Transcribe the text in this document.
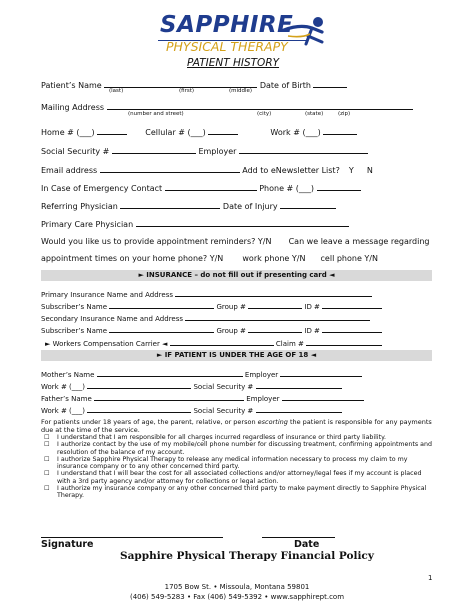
SAPPHIRE
PHYSICAL THERAPY
PATIENT HISTORY
Patient’s Name	Date of Birth
(last)	(first)	(middle)
Mailing Address
(number and street)	(city)	(state)	(zip)
Home # (___)	Cellular # (___)	Work # (___)
Social Security #	Employer
Email address	Add to eNewsletter List? Y N
In Case of Emergency Contact	Phone # (___)
Referring Physician	Date of Injury
Primary Care Physician
Would you like us to provide appointment reminders? Y/N Can we leave a message regarding
appointment times on your home phone? Y/N work phone Y/N cell phone Y/N
► INSURANCE – do not fill out if presenting card ◄
Primary Insurance Name and Address
Subscriber’s Name	Group #	ID #
Secondary Insurance Name and Address
Subscriber’s Name	Group #	ID #
► Workers Compensation Carrier ◄	Claim #
► IF PATIENT IS UNDER THE AGE OF 18 ◄
Mother’s Name	Employer
Work # (___)	Social Security #
Father’s Name	Employer
Work # (___)	Social Security #
For patients under 18 years of age, the parent, relative, or person escorting the patient is responsible for any payments due at the time of the service.
☐ I understand that I am responsible for all charges incurred regardless of insurance or third party liability.
☐ I authorize contact by the use of my mobile/cell phone number for discussing treatment, confirming appointments and resolution of the balance of my account.
☐ I authorize Sapphire Physical Therapy to release any medical information necessary to process my claim to my insurance company or to any other concerned third party.
☐ I understand that I will bear the cost for all associated collections and/or attorney/legal fees if my account is placed with a 3rd party agency and/or attorney for collections or legal action.
☐ I authorize my insurance company or any other concerned third party to make payment directly to Sapphire Physical Therapy.
Signature	Date
Sapphire Physical Therapy Financial Policy
1
1705 Bow St. • Missoula, Montana 59801
(406) 549-5283 • Fax (406) 549-5392 • www.sapphirept.com
